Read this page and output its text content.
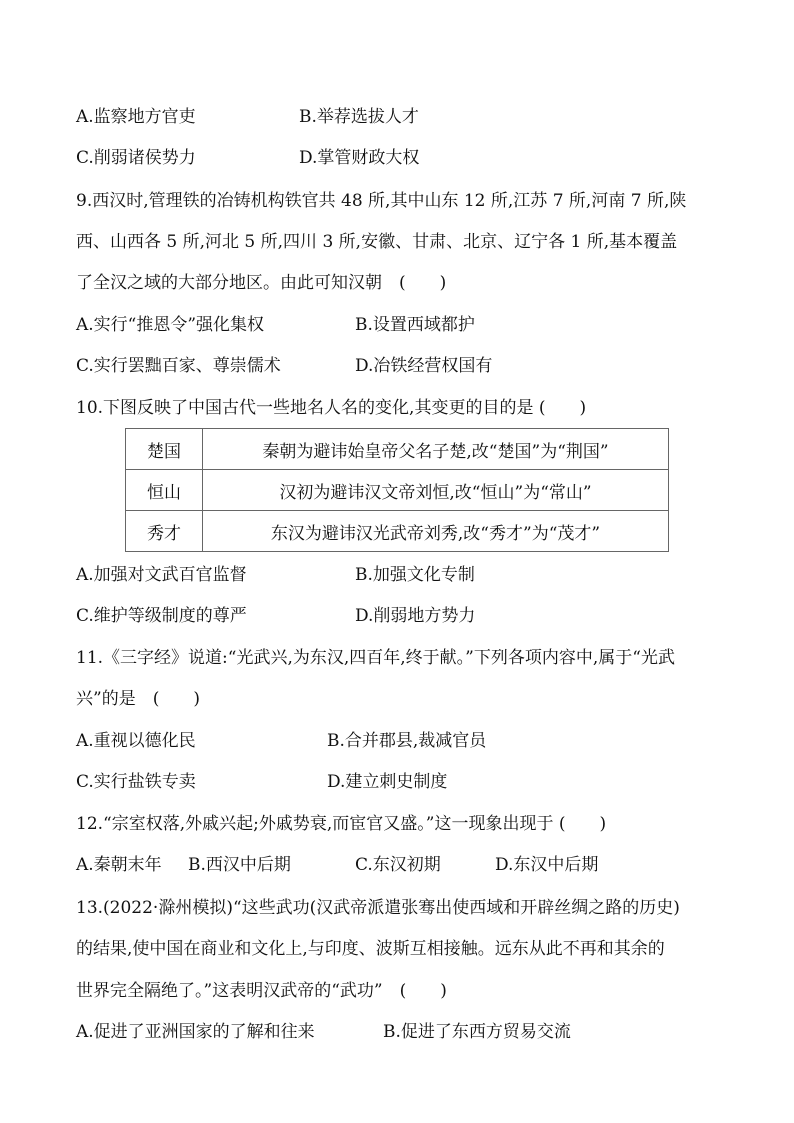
A.监察地方官吏	B.举荐选拔人才
C.削弱诸侯势力	D.掌管财政大权
9.西汉时,管理铁的冶铸机构铁官共 48 所,其中山东 12 所,江苏 7 所,河南 7 所,陕
西、山西各 5 所,河北 5 所,四川 3 所,安徽、甘肃、北京、辽宁各 1 所,基本覆盖
了全汉之域的大部分地区。由此可知汉朝　(　　)
A.实行“推恩令”强化集权	B.设置西域都护
C.实行罢黜百家、尊崇儒术	D.冶铁经营权国有
10.下图反映了中国古代一些地名人名的变化,其变更的目的是 (　　)
楚国	秦朝为避讳始皇帝父名子楚,改“楚国”为“荆国”
恒山	汉初为避讳汉文帝刘恒,改“恒山”为“常山”
秀才	东汉为避讳汉光武帝刘秀,改“秀才”为“茂才”
A.加强对文武百官监督	B.加强文化专制
C.维护等级制度的尊严	D.削弱地方势力
11.《三字经》说道:“光武兴,为东汉,四百年,终于献。”下列各项内容中,属于“光武
兴”的是　(　　)
A.重视以德化民	B.合并郡县,裁减官员
C.实行盐铁专卖	D.建立刺史制度
12.“宗室权落,外戚兴起;外戚势衰,而宦官又盛。”这一现象出现于 (　　)
A.秦朝末年 B.西汉中后期	C.东汉初期	D.东汉中后期
13.(2022·滁州模拟)“这些武功(汉武帝派遣张骞出使西域和开辟丝绸之路的历史)
的结果,使中国在商业和文化上,与印度、波斯互相接触。远东从此不再和其余的
世界完全隔绝了。”这表明汉武帝的“武功”　(　　)
A.促进了亚洲国家的了解和往来	B.促进了东西方贸易交流
